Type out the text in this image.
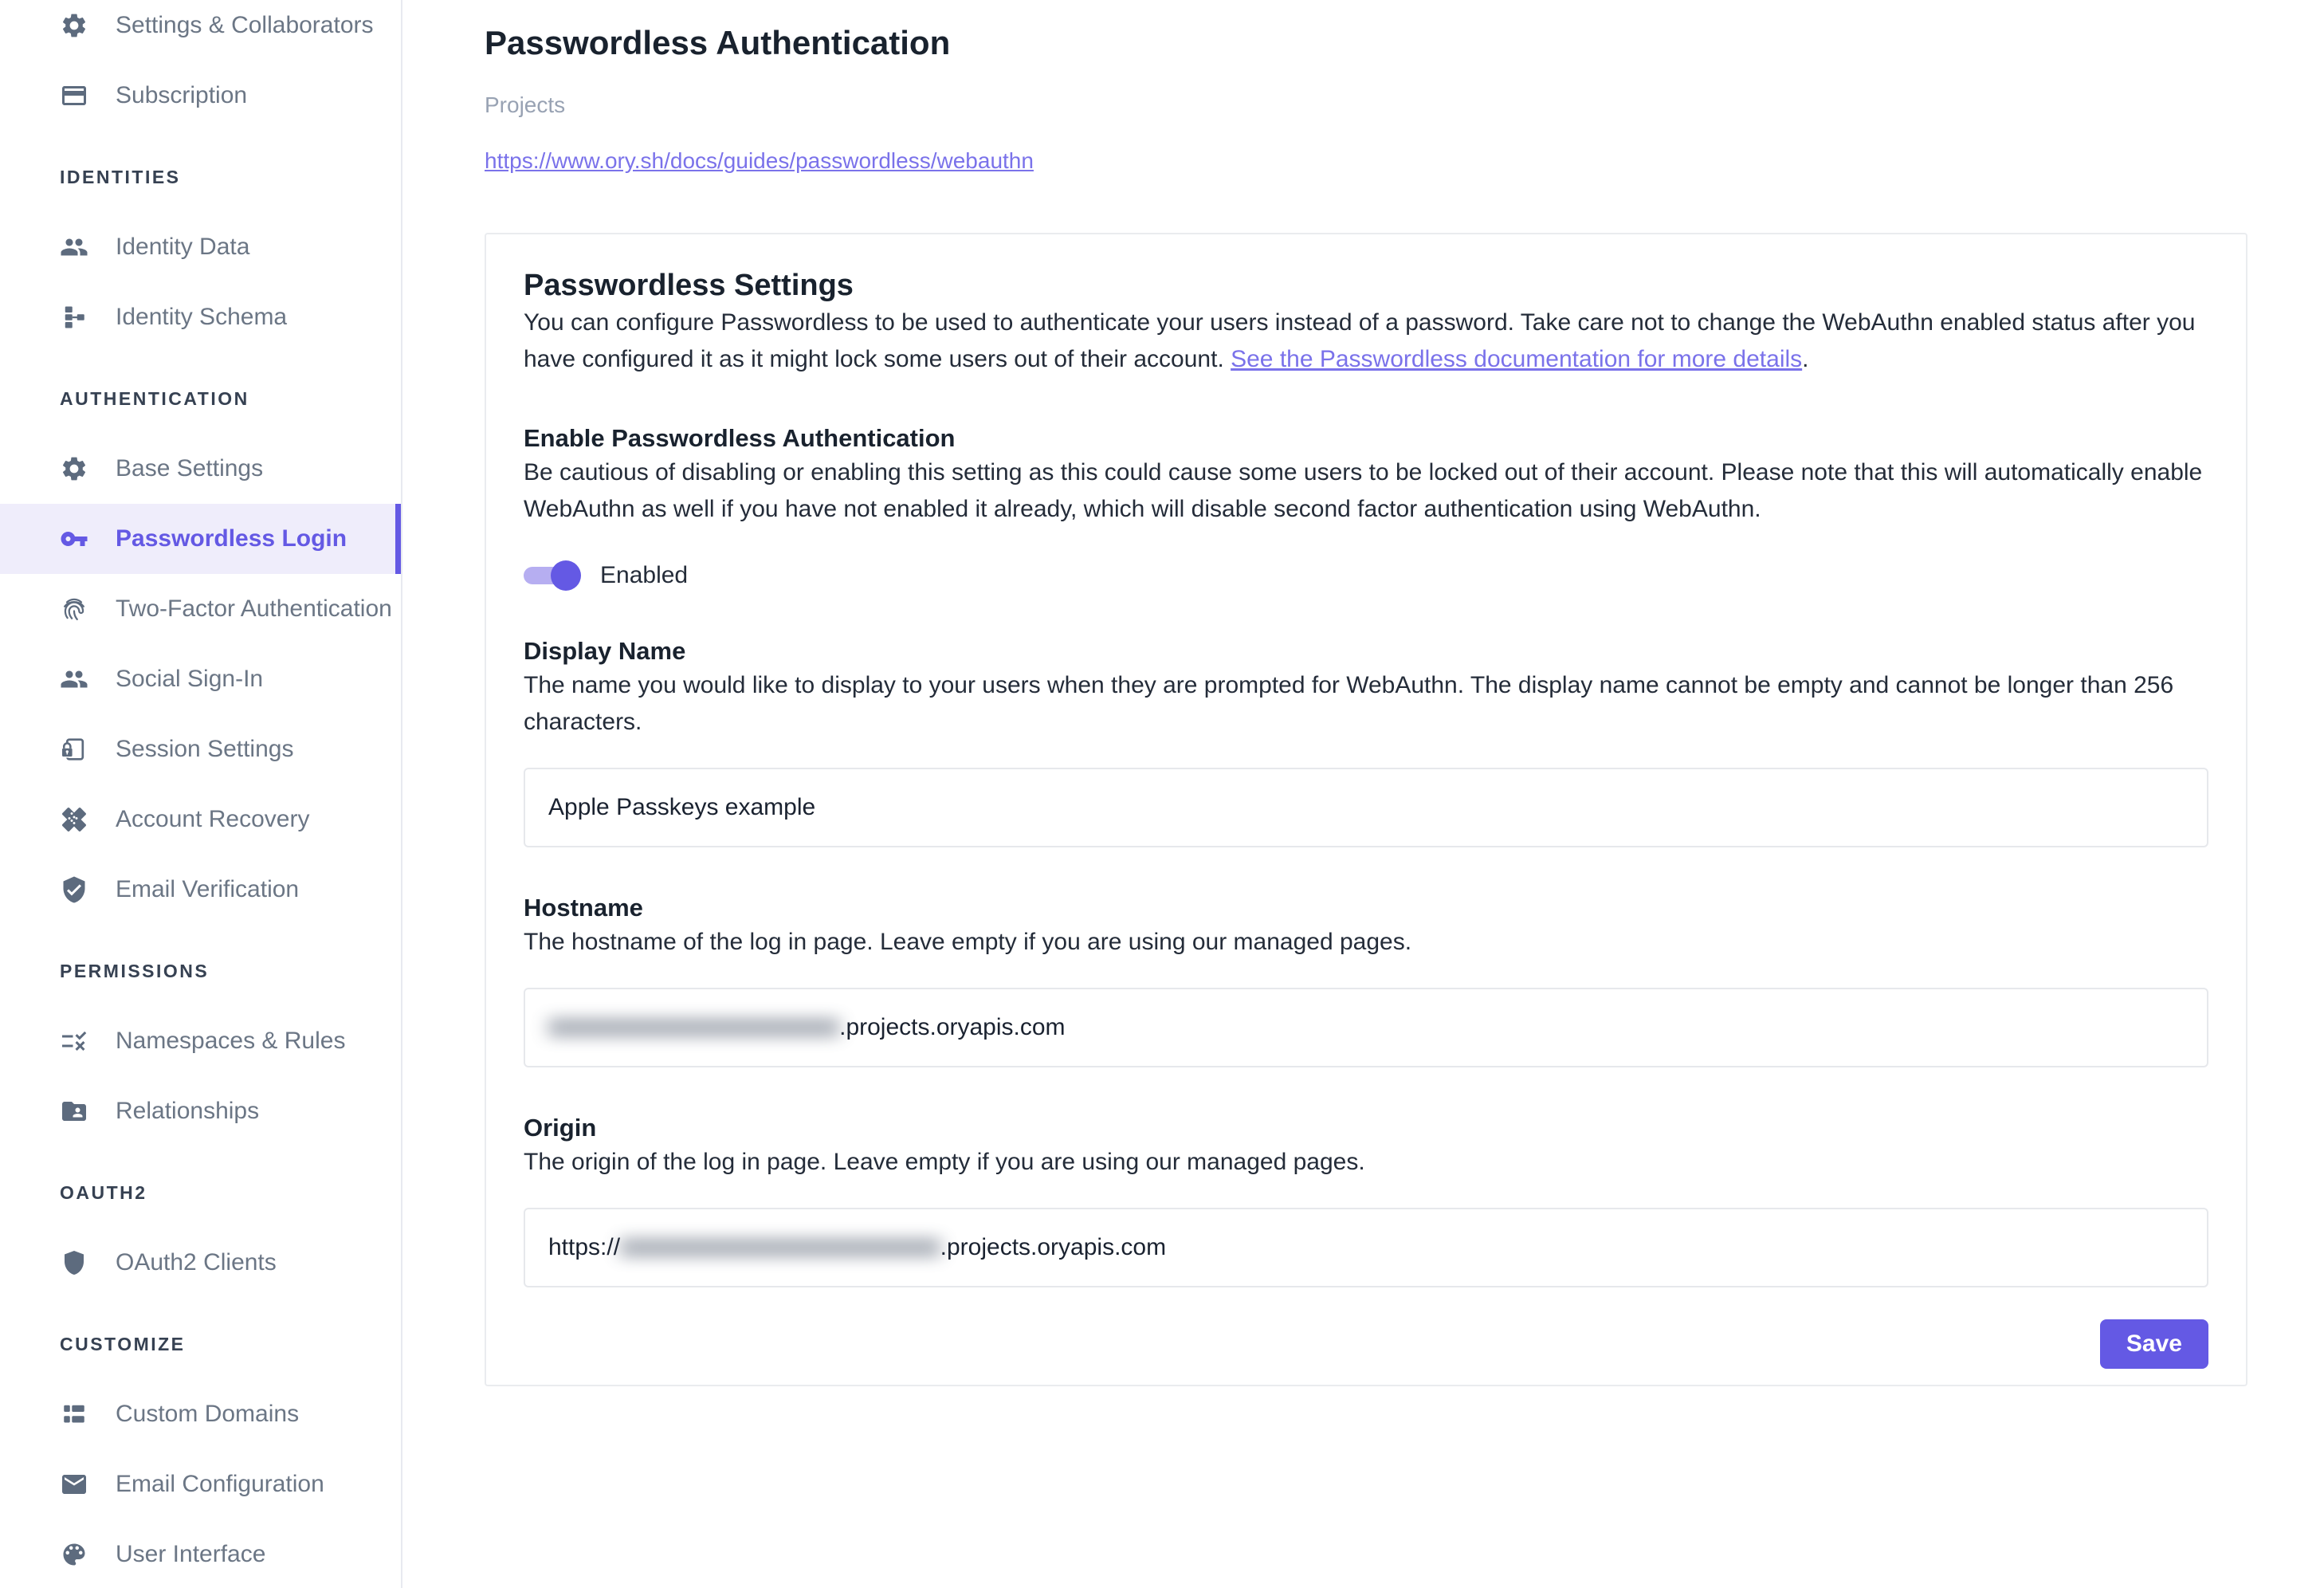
Settings & Collaborators
Subscription
IDENTITIES
Identity Data
Identity Schema
AUTHENTICATION
Base Settings
Passwordless Login
Two-Factor Authentication
Social Sign-In
Session Settings
Account Recovery
Email Verification
PERMISSIONS
Namespaces & Rules
Relationships
OAUTH2
OAuth2 Clients
CUSTOMIZE
Custom Domains
Email Configuration
User Interface
Passwordless Authentication
Projects
https://www.ory.sh/docs/guides/passwordless/webauthn
Passwordless Settings

You can configure Passwordless to be used to authenticate your users instead of a password. Take care not to change the WebAuthn enabled status after you have configured it as it might lock some users out of their account. See the Passwordless documentation for more details.

Enable Passwordless Authentication

Be cautious of disabling or enabling this setting as this could cause some users to be locked out of their account. Please note that this will automatically enable WebAuthn as well if you have not enabled it already, which will disable second factor authentication using WebAuthn.

Enabled
Display Name

The name you would like to display to your users when they are prompted for WebAuthn. The display name cannot be empty and cannot be longer than 256 characters.

Apple Passkeys example
Hostname

The hostname of the log in page. Leave empty if you are using our managed pages.

████████████████████ .projects.oryapis.com
Origin

The origin of the log in page. Leave empty if you are using our managed pages.

https:// ██████████████████████ .projects.oryapis.com
Save
